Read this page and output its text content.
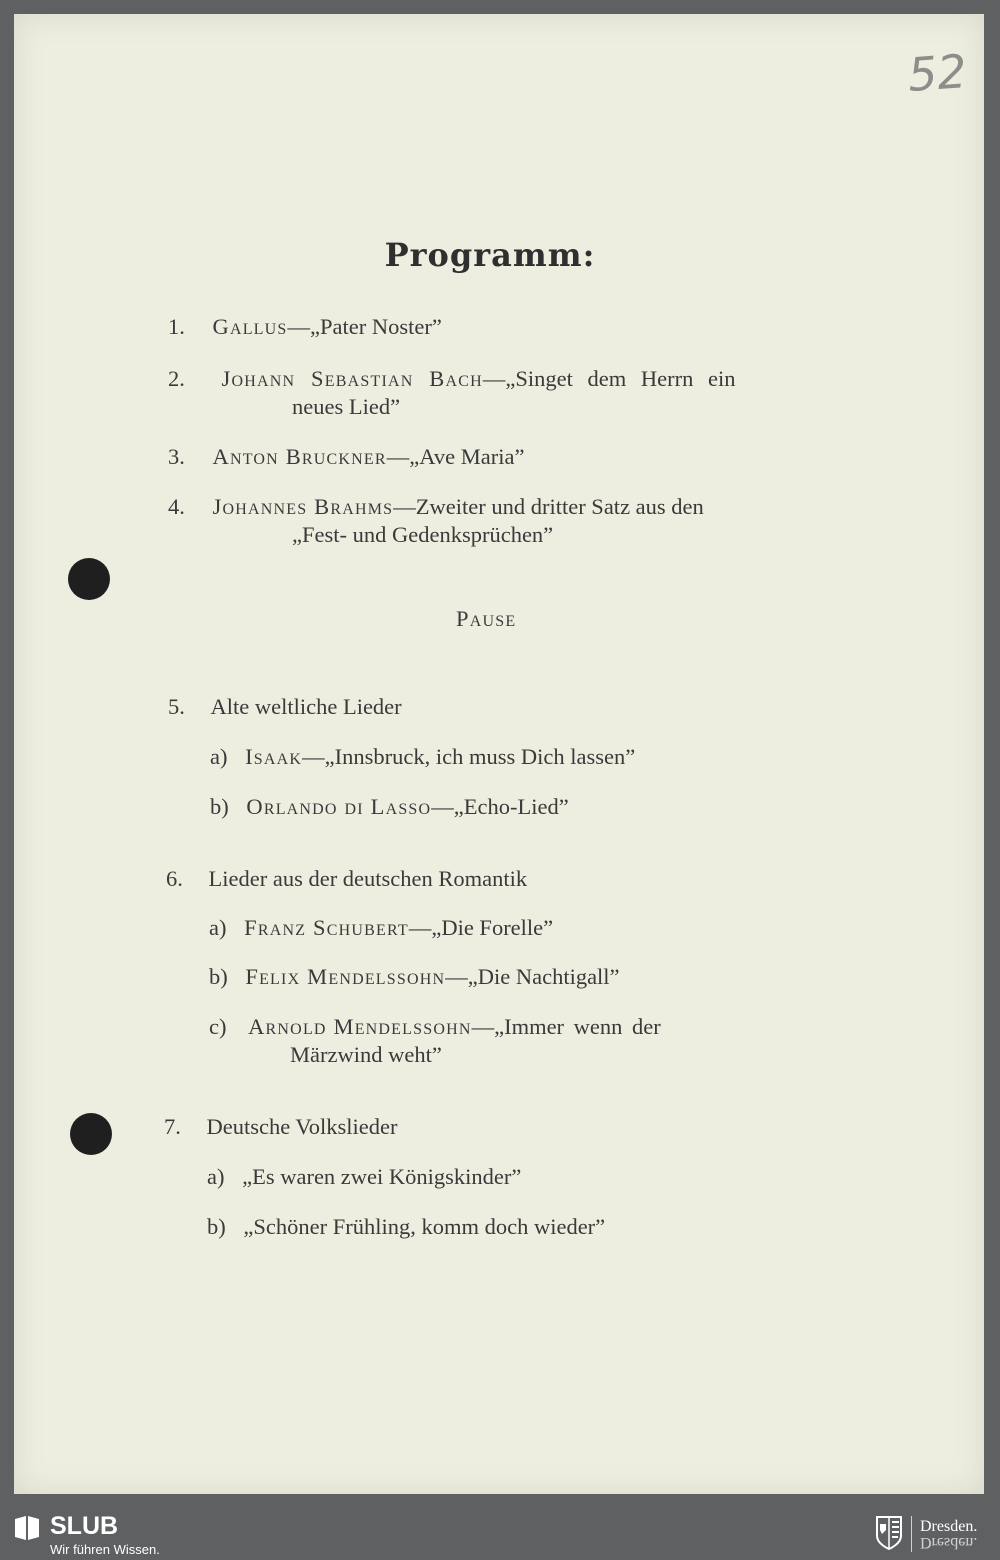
52
Programm:
1. Gallus—„Pater Noster”
2. Johann Sebastian Bach—„Singet dem Herrn ein
neues Lied”
3. Anton Bruckner—„Ave Maria”
4. Johannes Brahms—Zweiter und dritter Satz aus den
„Fest- und Gedenksprüchen”
Pause
5. Alte weltliche Lieder
a) Isaak—„Innsbruck, ich muss Dich lassen”
b) Orlando di Lasso—„Echo-Lied”
6. Lieder aus der deutschen Romantik
a) Franz Schubert—„Die Forelle”
b) Felix Mendelssohn—„Die Nachtigall”
c) Arnold Mendelssohn—„Immer wenn der
Märzwind weht”
7. Deutsche Volkslieder
a) „Es waren zwei Königskinder”
b) „Schöner Frühling, komm doch wieder”
SLUB
Wir führen Wissen.
Dresden.
Dresden.
